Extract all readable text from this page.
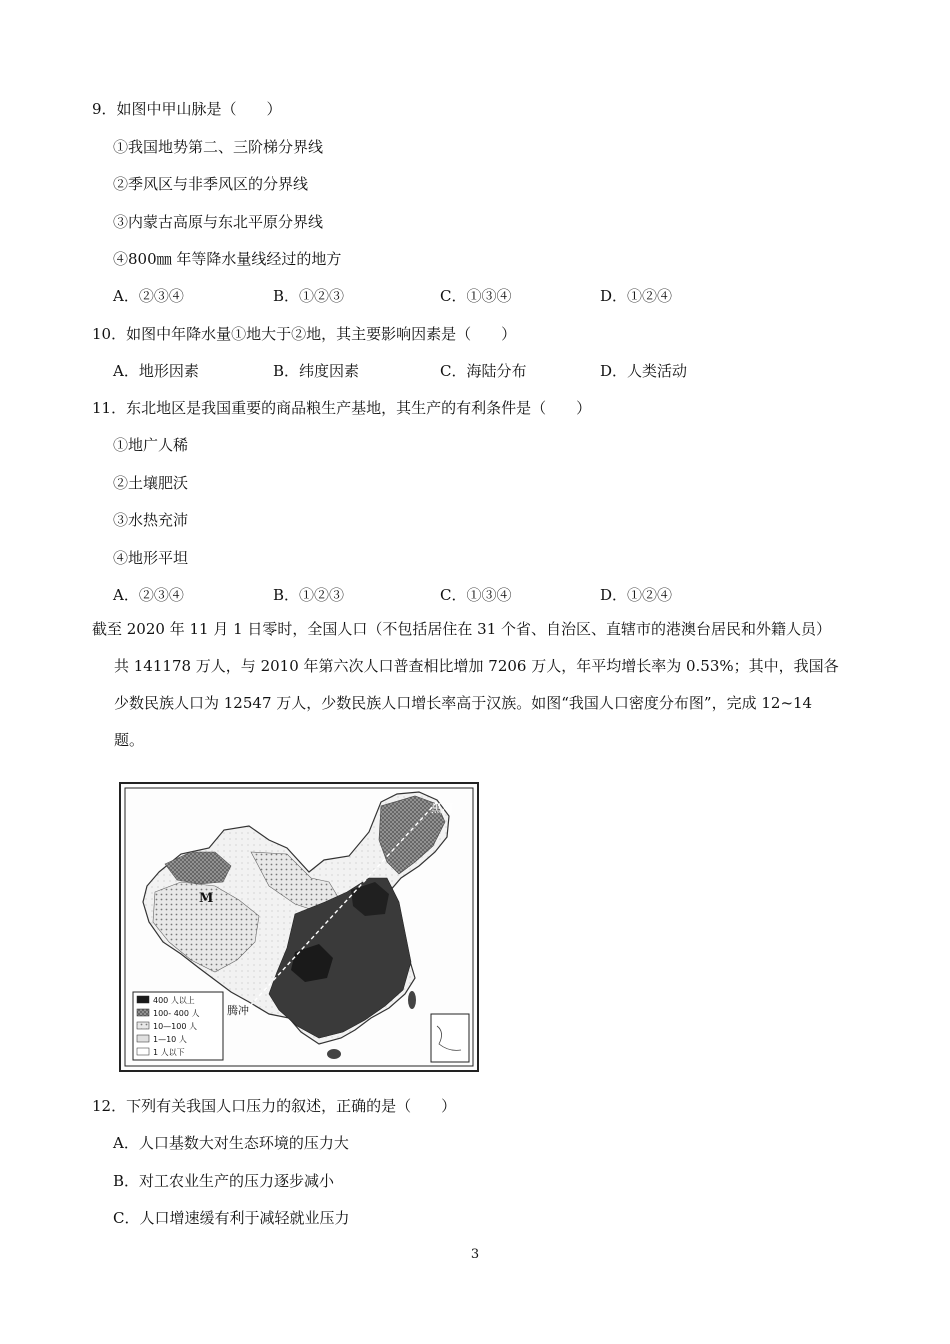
9．如图中甲山脉是（　　）
①我国地势第二、三阶梯分界线
②季风区与非季风区的分界线
③内蒙古高原与东北平原分界线
④800㎜ 年等降水量线经过的地方
A．②③④	B．①②③	C．①③④	D．①②④
10．如图中年降水量①地大于②地，其主要影响因素是（　　）
A．地形因素	B．纬度因素	C．海陆分布	D．人类活动
11．东北地区是我国重要的商品粮生产基地，其生产的有利条件是（　　）
①地广人稀
②土壤肥沃
③水热充沛
④地形平坦
A．②③④	B．①②③	C．①③④	D．①②④
截至 2020 年 11 月 1 日零时，全国人口（不包括居住在 31 个省、自治区、直辖市的港澳台居民和外籍人员）
共 141178 万人，与 2010 年第六次人口普查相比增加 7206 万人，年平均增长率为 0.53%；其中，我国各
少数民族人口为 12547 万人，少数民族人口增长率高于汉族。如图“我国人口密度分布图”，完成 12~14
题。
M
黑河
腾冲
400 人以上
100- 400 人
10—100 人
1—10 人
1 人以下
12．下列有关我国人口压力的叙述，正确的是（　　）
A．人口基数大对生态环境的压力大
B．对工农业生产的压力逐步减小
C．人口增速缓有利于减轻就业压力
3
